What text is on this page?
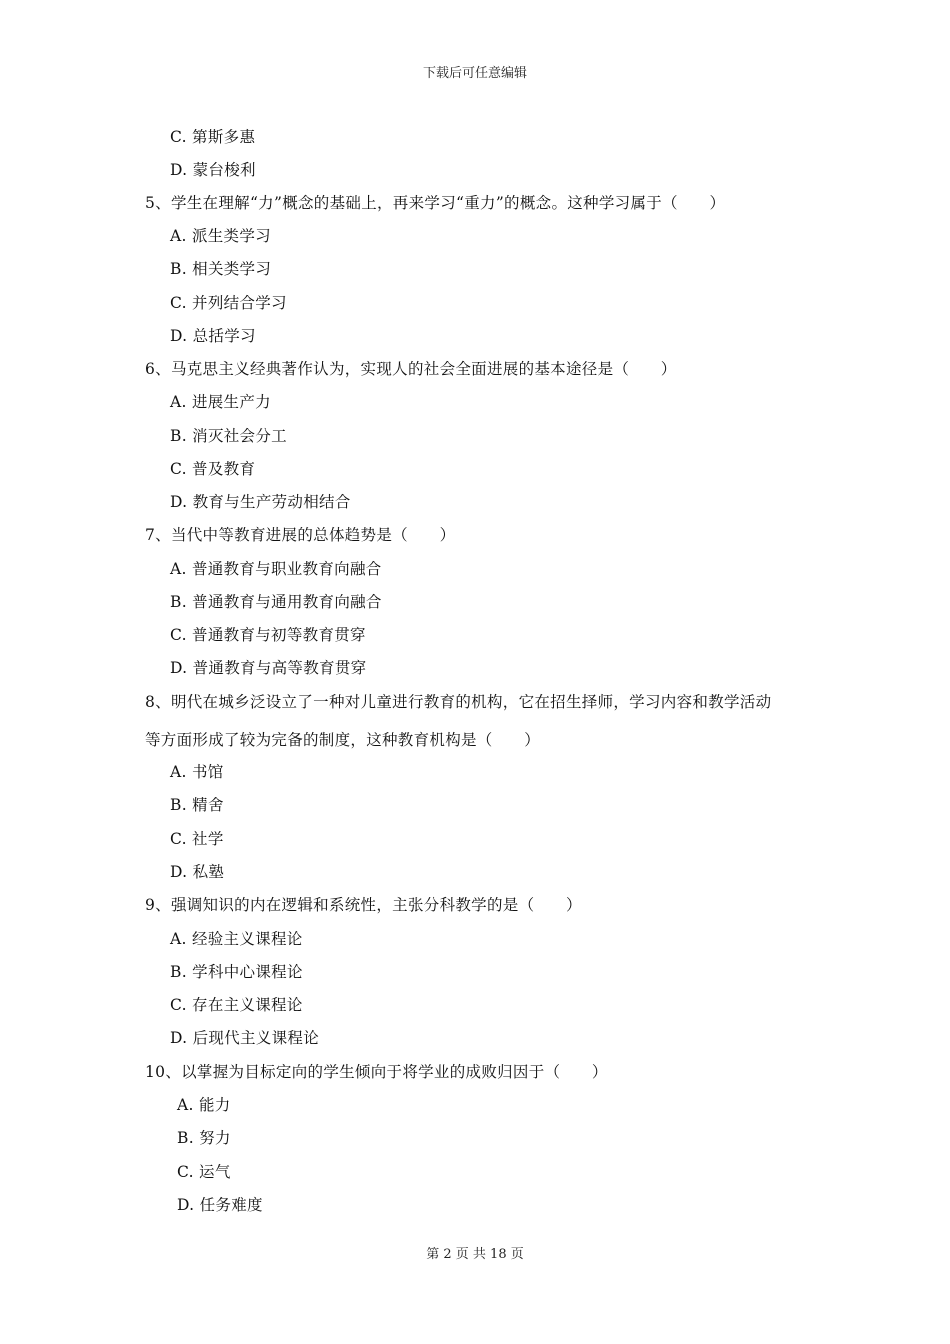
下载后可任意编辑
C. 第斯多惠
D. 蒙台梭利
5、学生在理解“力”概念的基础上，再来学习“重力”的概念。这种学习属于（　　）
A. 派生类学习
B. 相关类学习
C. 并列结合学习
D. 总括学习
6、马克思主义经典著作认为，实现人的社会全面进展的基本途径是（　　）
A. 进展生产力
B. 消灭社会分工
C. 普及教育
D. 教育与生产劳动相结合
7、当代中等教育进展的总体趋势是（　　）
A. 普通教育与职业教育向融合
B. 普通教育与通用教育向融合
C. 普通教育与初等教育贯穿
D. 普通教育与高等教育贯穿
8、明代在城乡泛设立了一种对儿童进行教育的机构，它在招生择师，学习内容和教学活动
等方面形成了较为完备的制度，这种教育机构是（　　）
A. 书馆
B. 精舍
C. 社学
D. 私塾
9、强调知识的内在逻辑和系统性，主张分科教学的是（　　）
A. 经验主义课程论
B. 学科中心课程论
C. 存在主义课程论
D. 后现代主义课程论
10、以掌握为目标定向的学生倾向于将学业的成败归因于（　　）
A. 能力
B. 努力
C. 运气
D. 任务难度
第 2 页 共 18 页
